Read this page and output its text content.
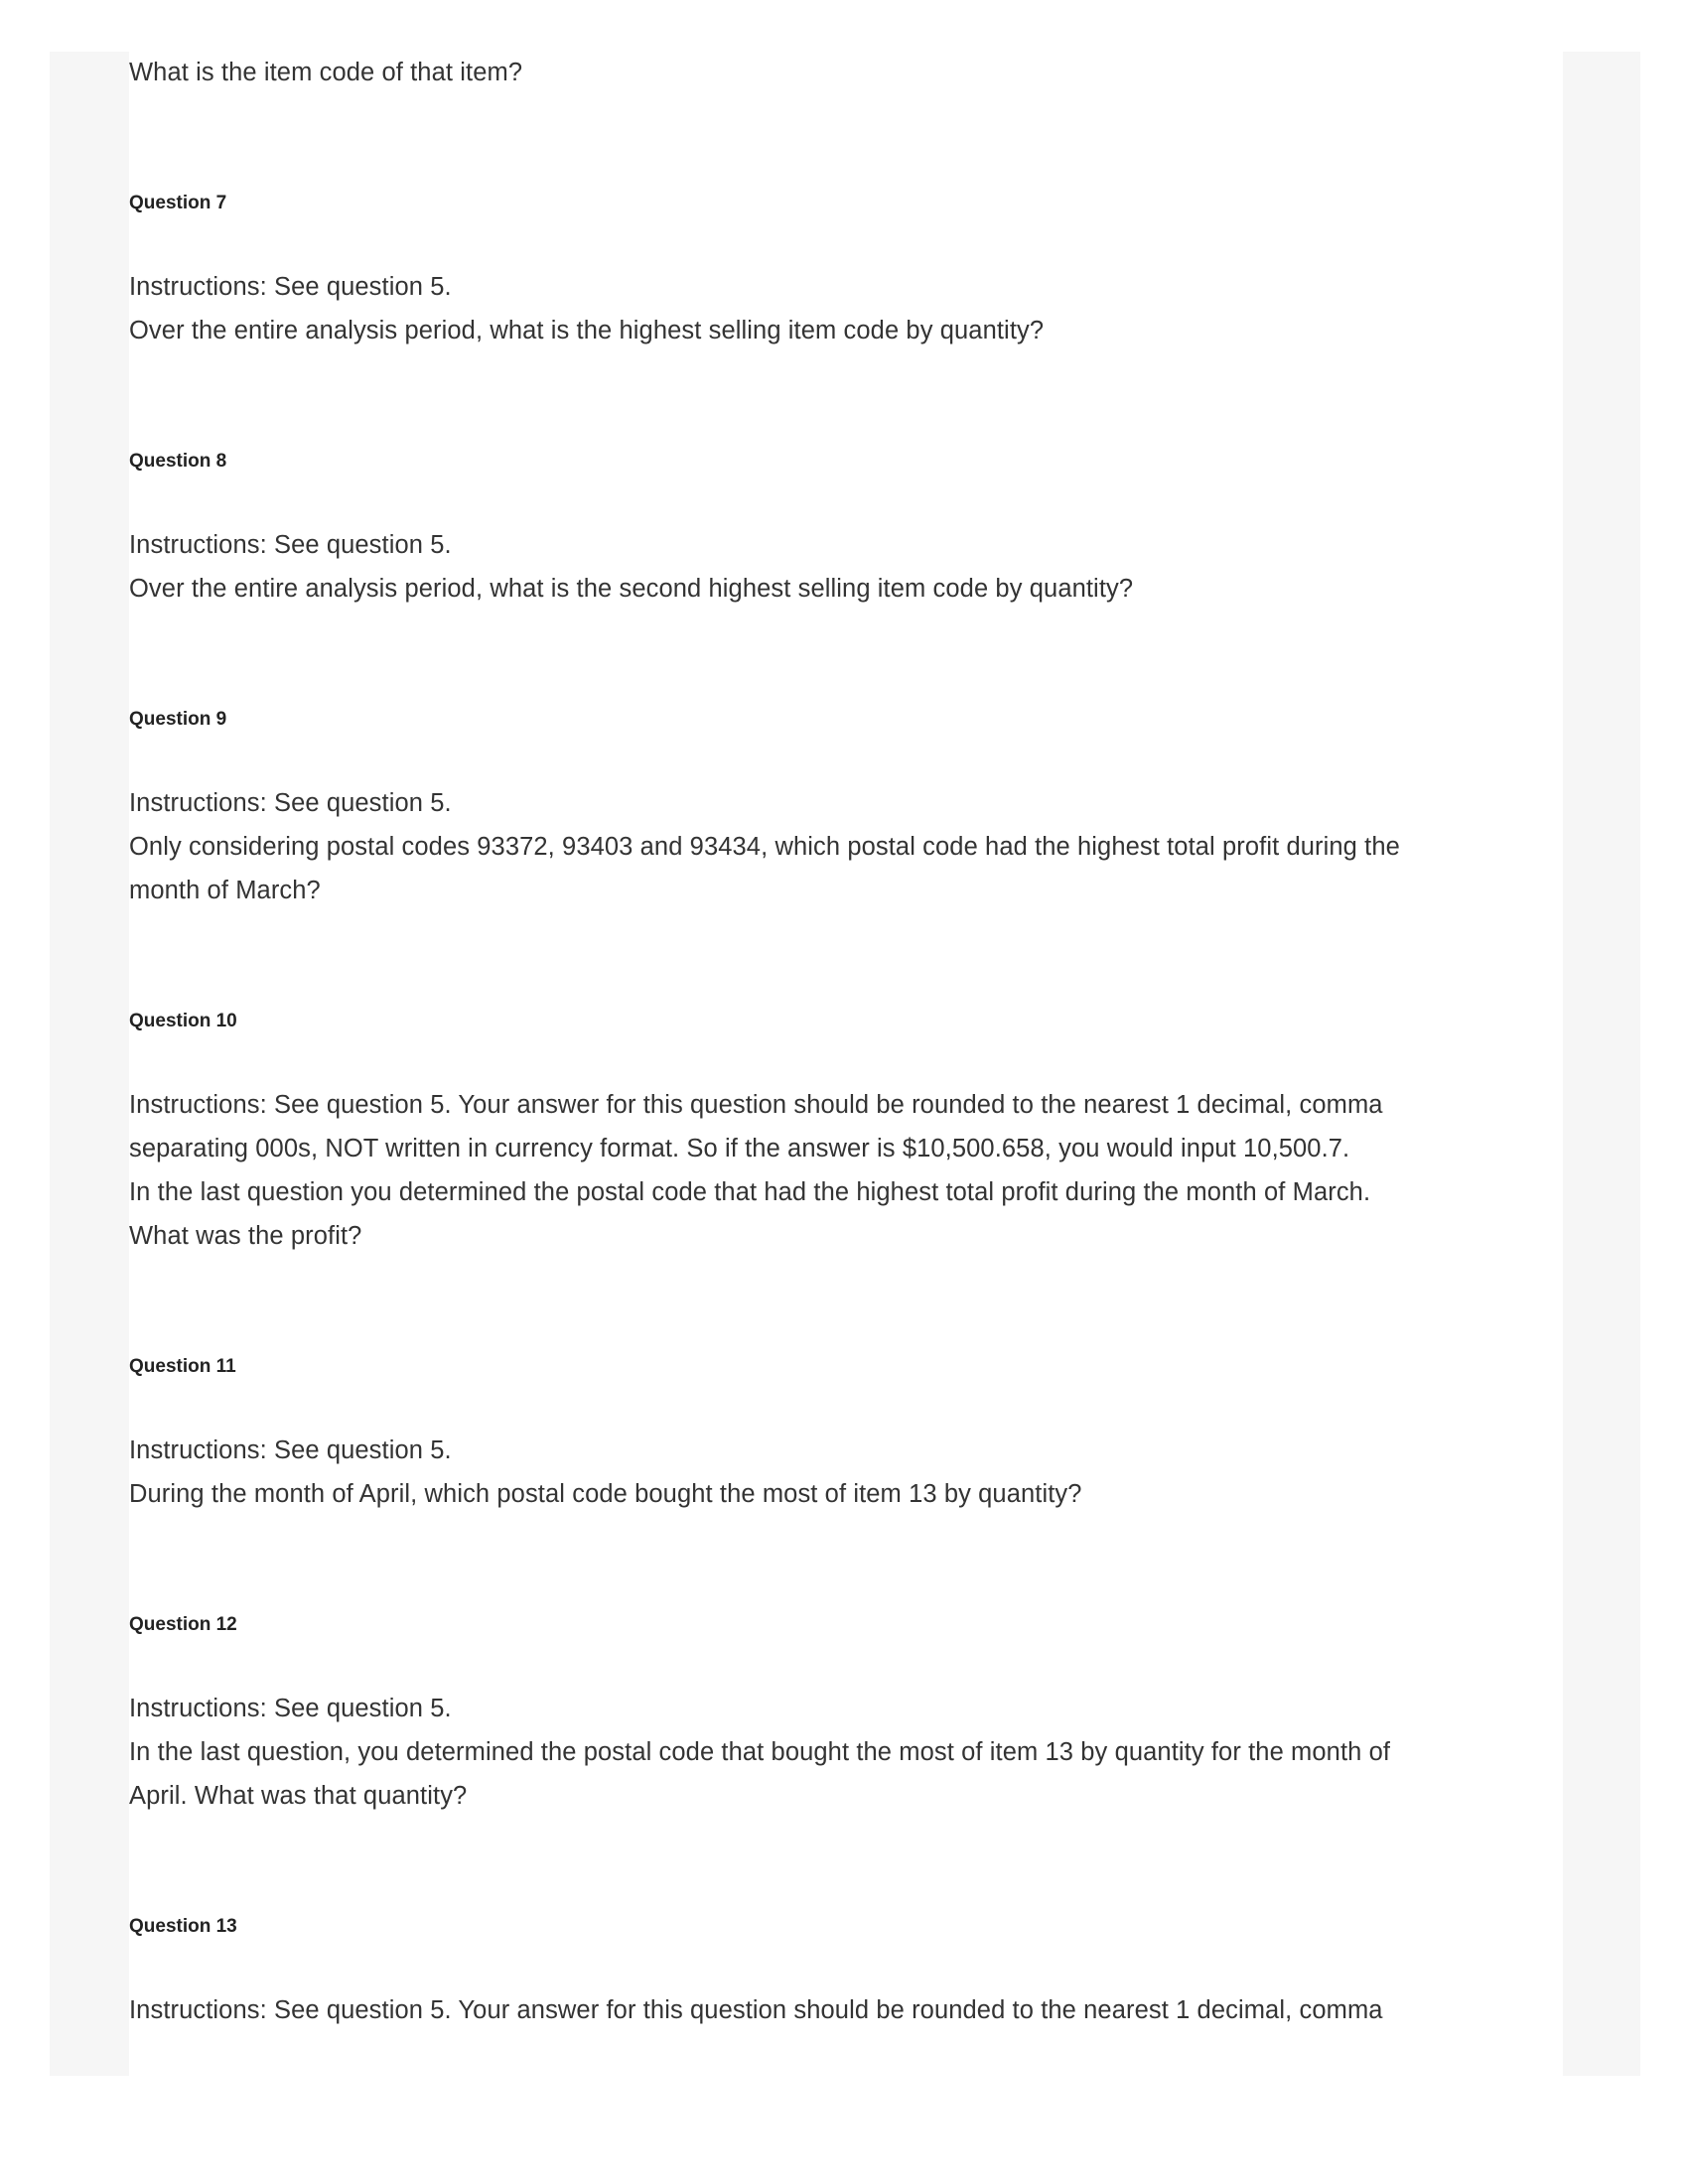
What is the item code of that item?
Question 7
Instructions: See question 5.
Over the entire analysis period, what is the highest selling item code by quantity?
Question 8
Instructions: See question 5.
Over the entire analysis period, what is the second highest selling item code by quantity?
Question 9
Instructions: See question 5.
Only considering postal codes 93372, 93403 and 93434, which postal code had the highest total profit during the
month of March?
Question 10
Instructions: See question 5. Your answer for this question should be rounded to the nearest 1 decimal, comma
separating 000s, NOT written in currency format. So if the answer is $10,500.658, you would input 10,500.7.
In the last question you determined the postal code that had the highest total profit during the month of March.
What was the profit?
Question 11
Instructions: See question 5.
During the month of April, which postal code bought the most of item 13 by quantity?
Question 12
Instructions: See question 5.
In the last question, you determined the postal code that bought the most of item 13 by quantity for the month of
April. What was that quantity?
Question 13
Instructions: See question 5. Your answer for this question should be rounded to the nearest 1 decimal, comma
